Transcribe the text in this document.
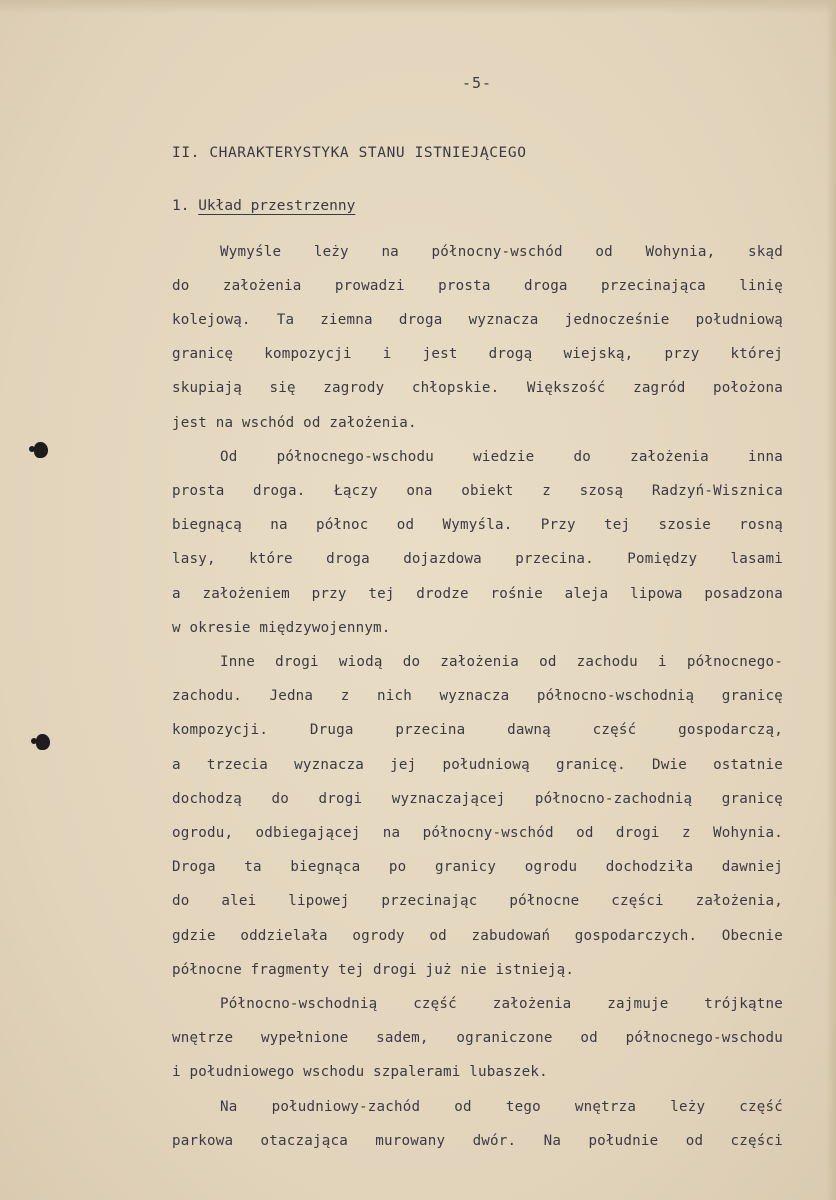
-5-
II. CHARAKTERYSTYKA STANU ISTNIEJĄCEGO
1. Układ przestrzenny
Wymyśle leży na północny-wschód od Wohynia, skąd
do założenia prowadzi prosta droga przecinająca linię
kolejową. Ta ziemna droga wyznacza jednocześnie południową
granicę kompozycji i jest drogą wiejską, przy której
skupiają się zagrody chłopskie. Większość zagród położona
jest na wschód od założenia.
Od północnego-wschodu wiedzie do założenia inna
prosta droga. Łączy ona obiekt z szosą Radzyń-Wisznica
biegnącą na północ od Wymyśla. Przy tej szosie rosną
lasy, które droga dojazdowa przecina. Pomiędzy lasami
a założeniem przy tej drodze rośnie aleja lipowa posadzona
w okresie międzywojennym.
Inne drogi wiodą do założenia od zachodu i północnego-
zachodu. Jedna z nich wyznacza północno-wschodnią granicę
kompozycji. Druga przecina dawną część gospodarczą,
a trzecia wyznacza jej południową granicę. Dwie ostatnie
dochodzą do drogi wyznaczającej północno-zachodnią granicę
ogrodu, odbiegającej na północny-wschód od drogi z Wohynia.
Droga ta biegnąca po granicy ogrodu dochodziła dawniej
do alei lipowej przecinając północne części założenia,
gdzie oddzielała ogrody od zabudowań gospodarczych. Obecnie
północne fragmenty tej drogi już nie istnieją.
Północno-wschodnią część założenia zajmuje trójkątne
wnętrze wypełnione sadem, ograniczone od północnego-wschodu
i południowego wschodu szpalerami lubaszek.
Na południowy-zachód od tego wnętrza leży część
parkowa otaczająca murowany dwór. Na południe od części
